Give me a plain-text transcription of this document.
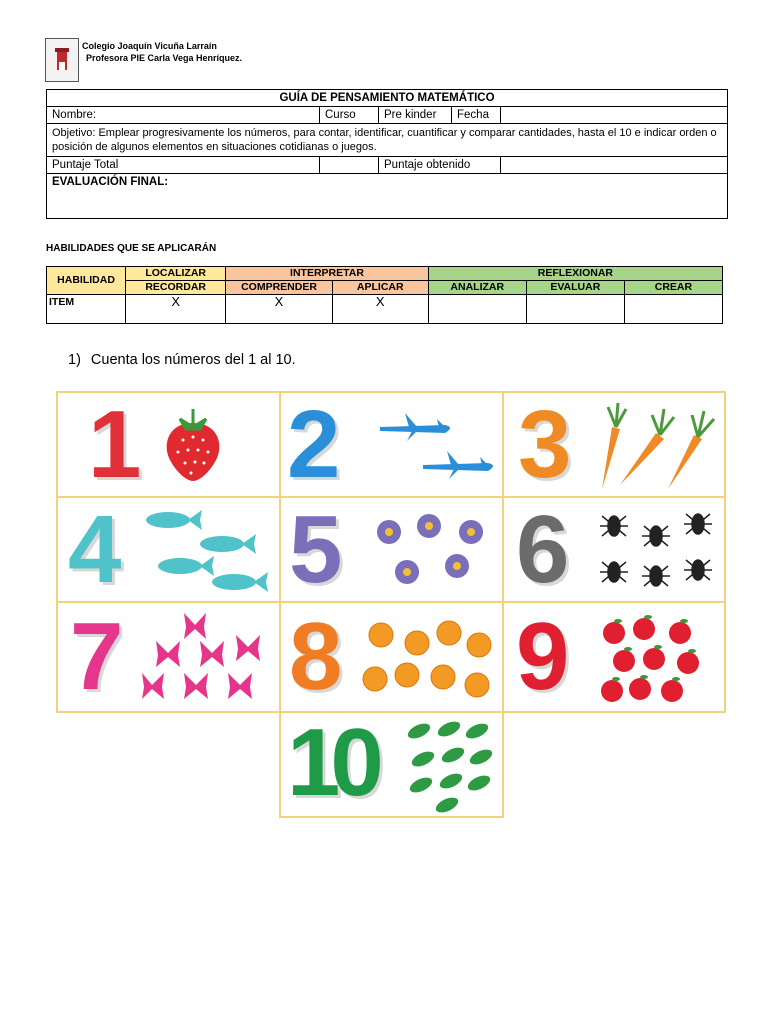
Colegio Joaquín Vicuña Larraín
Profesora PIE Carla Vega Henríquez.
GUÍA DE PENSAMIENTO MATEMÁTICO				
Nombre:	Curso	Pre kinder	Fecha	
Objetivo: Emplear progresivamente los números, para contar, identificar, cuantificar y comparar cantidades, hasta el 10 e indicar orden o posición de algunos elementos en situaciones cotidianas o juegos.				
Puntaje Total		Puntaje obtenido		
EVALUACIÓN FINAL:				
HABILIDADES QUE SE APLICARÁN
HABILIDAD	LOCALIZAR	INTERPRETAR		REFLEXIONAR		
	RECORDAR	COMPRENDER	APLICAR	ANALIZAR	EVALUAR	CREAR
ITEM	X	X	X			
1) Cuenta los números del 1 al 10.
1 2 3
4 5 6
7 8 9
10
